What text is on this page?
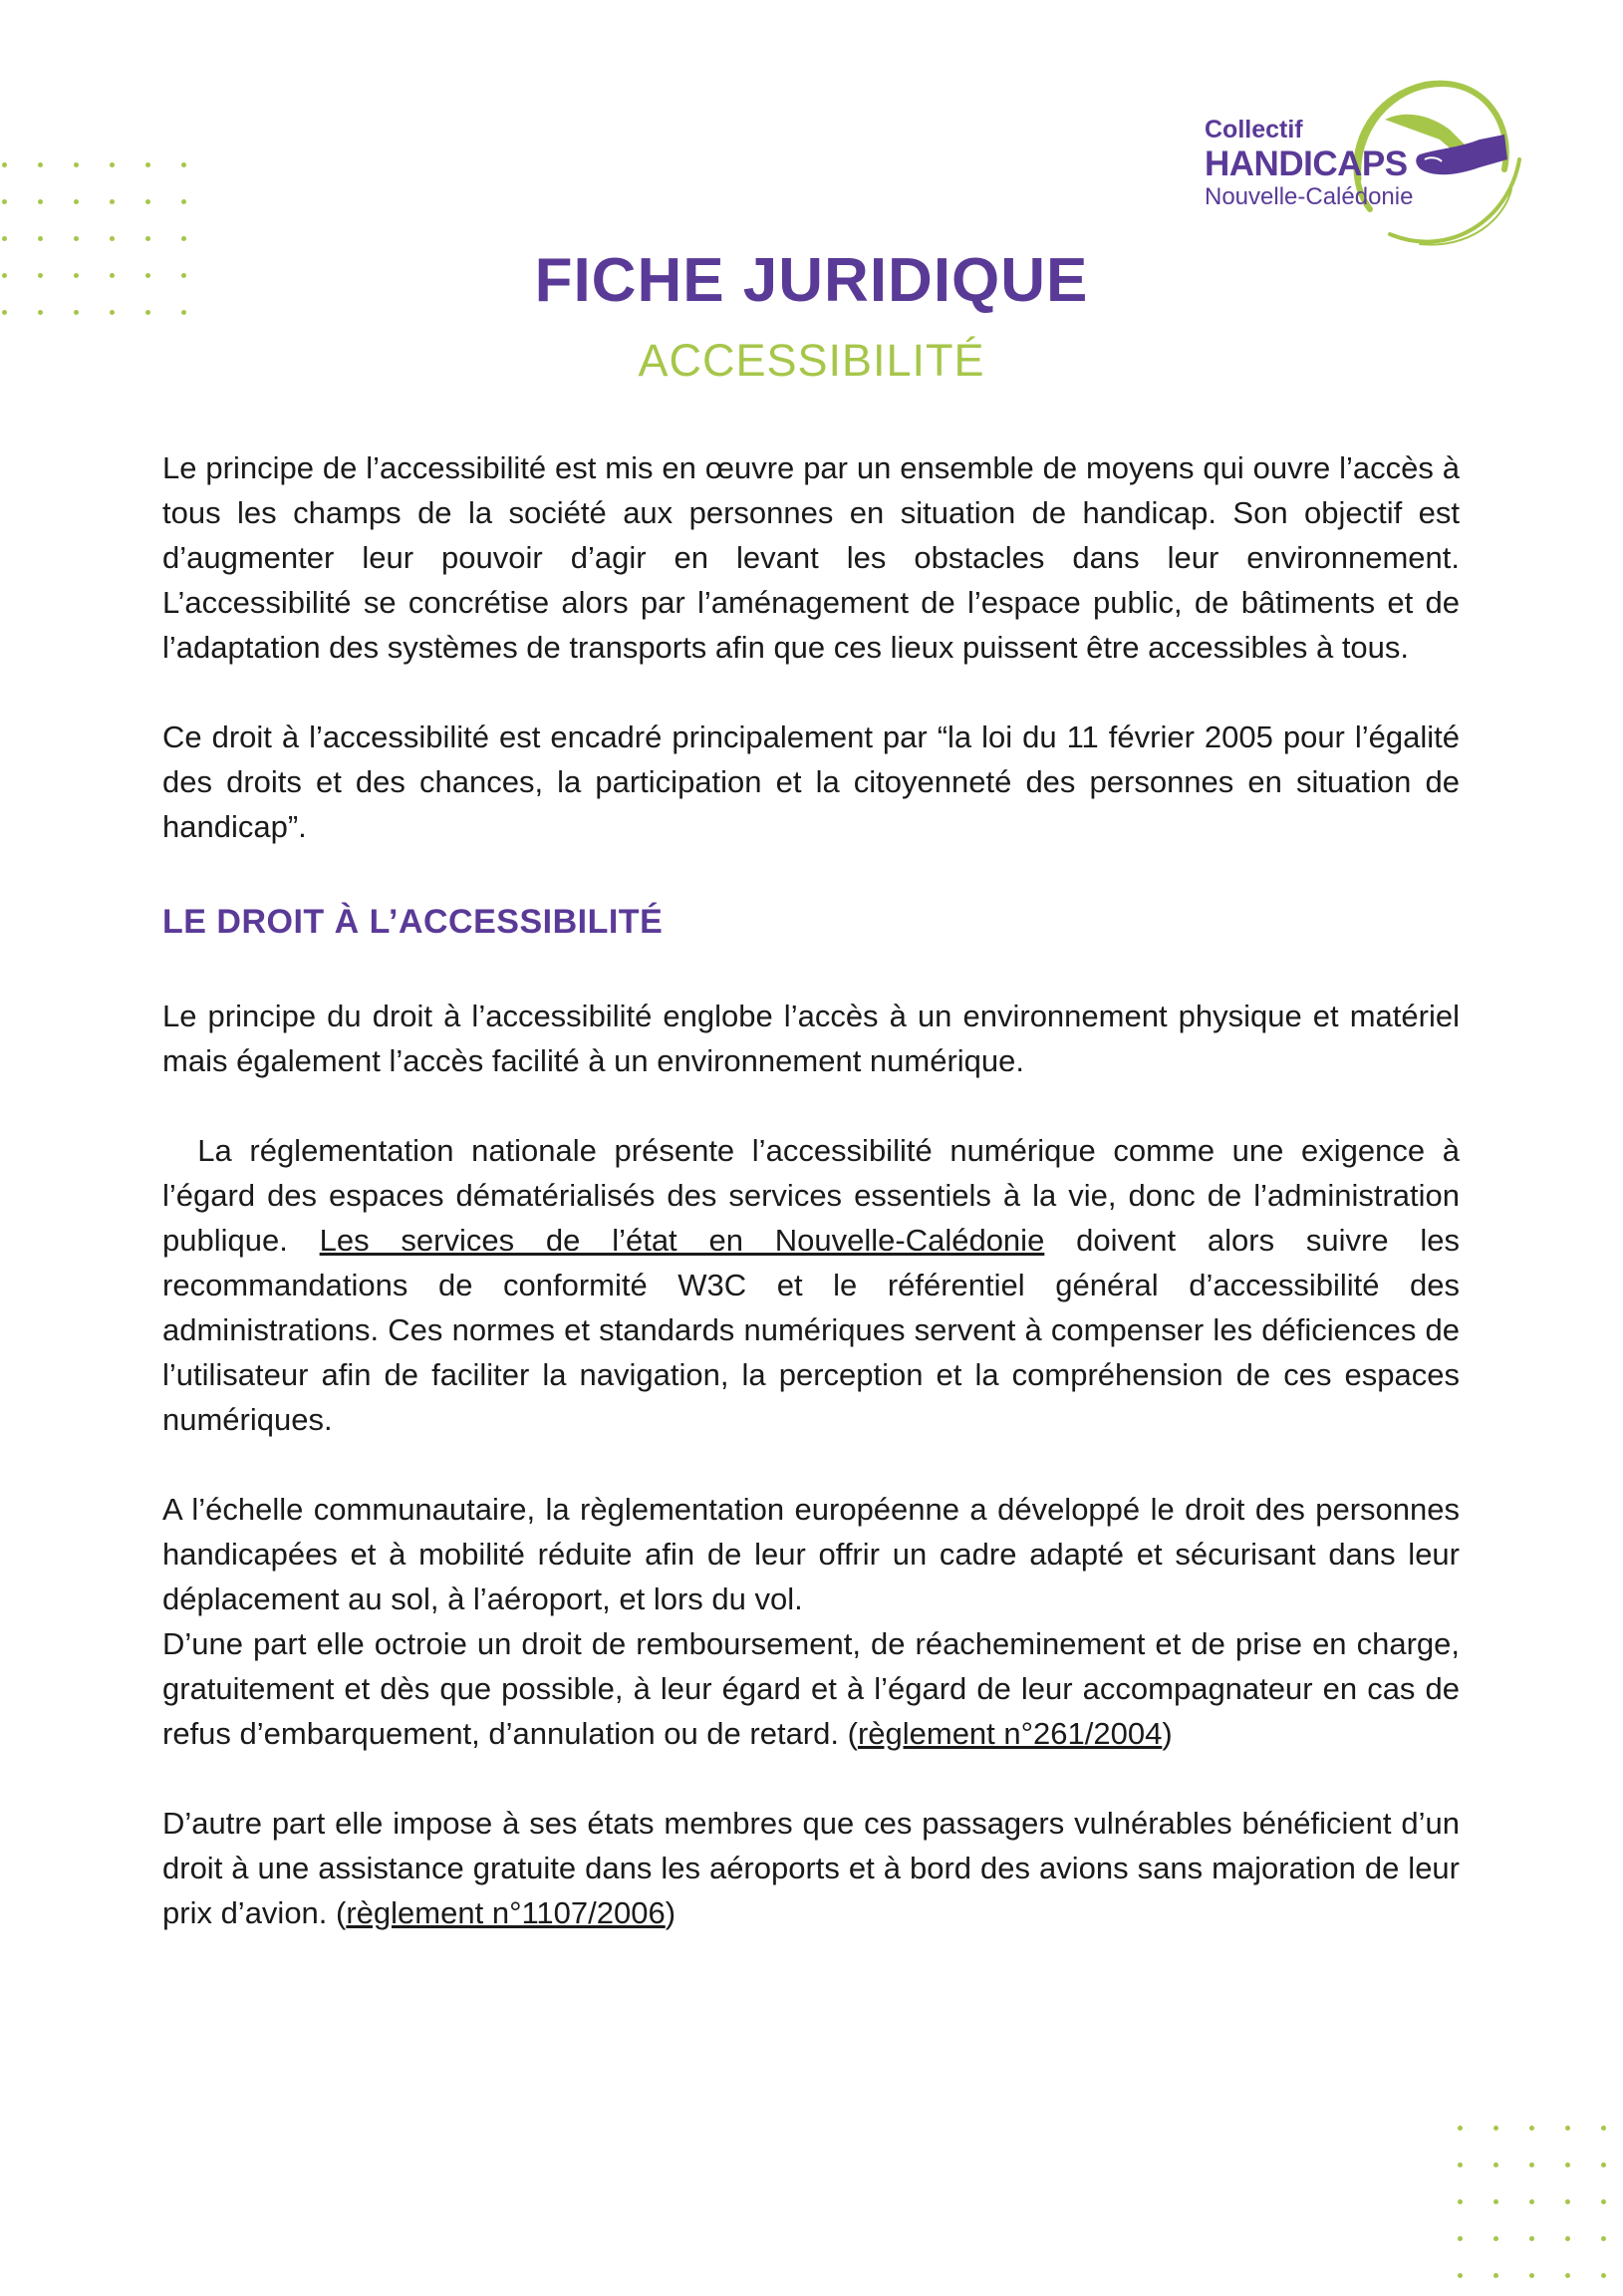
Collectif
HANDICAPS
Nouvelle-Calédonie
FICHE JURIDIQUE
ACCESSIBILITÉ

Le principe de l’accessibilité est mis en œuvre par un ensemble de moyens qui ouvre l’accès à tous les champs de la société aux personnes en situation de handicap. Son objectif est d’augmenter leur pouvoir d’agir en levant les obstacles dans leur environnement. L’accessibilité se concrétise alors par l’aménagement de l’espace public, de bâtiments et de l’adaptation des systèmes de transports afin que ces lieux puissent être accessibles à tous.

Ce droit à l’accessibilité est encadré principalement par “la loi du 11 février 2005 pour l’égalité des droits et des chances, la participation et la citoyenneté des personnes en situation de handicap”.

LE DROIT À L’ACCESSIBILITÉ

Le principe du droit à l’accessibilité englobe l’accès à un environnement physique et matériel mais également l’accès facilité à un environnement numérique.

La réglementation nationale présente l’accessibilité numérique comme une exigence à l’égard des espaces dématérialisés des services essentiels à la vie, donc de l’administration publique. Les services de l’état en Nouvelle-Calédonie doivent alors suivre les recommandations de conformité W3C et le référentiel général d’accessibilité des administrations. Ces normes et standards numériques servent à compenser les déficiences de l’utilisateur afin de faciliter la navigation, la perception et la compréhension de ces espaces numériques.

A l’échelle communautaire, la règlementation européenne a développé le droit des personnes handicapées et à mobilité réduite afin de leur offrir un cadre adapté et sécurisant dans leur déplacement au sol, à l’aéroport, et lors du vol.

D’une part elle octroie un droit de remboursement, de réacheminement et de prise en charge, gratuitement et dès que possible, à leur égard et à l’égard de leur accompagnateur en cas de refus d’embarquement, d’annulation ou de retard. (règlement n°261/2004)

D’autre part elle impose à ses états membres que ces passagers vulnérables bénéficient d’un droit à une assistance gratuite dans les aéroports et à bord des avions sans majoration de leur prix d’avion. (règlement n°1107/2006)
